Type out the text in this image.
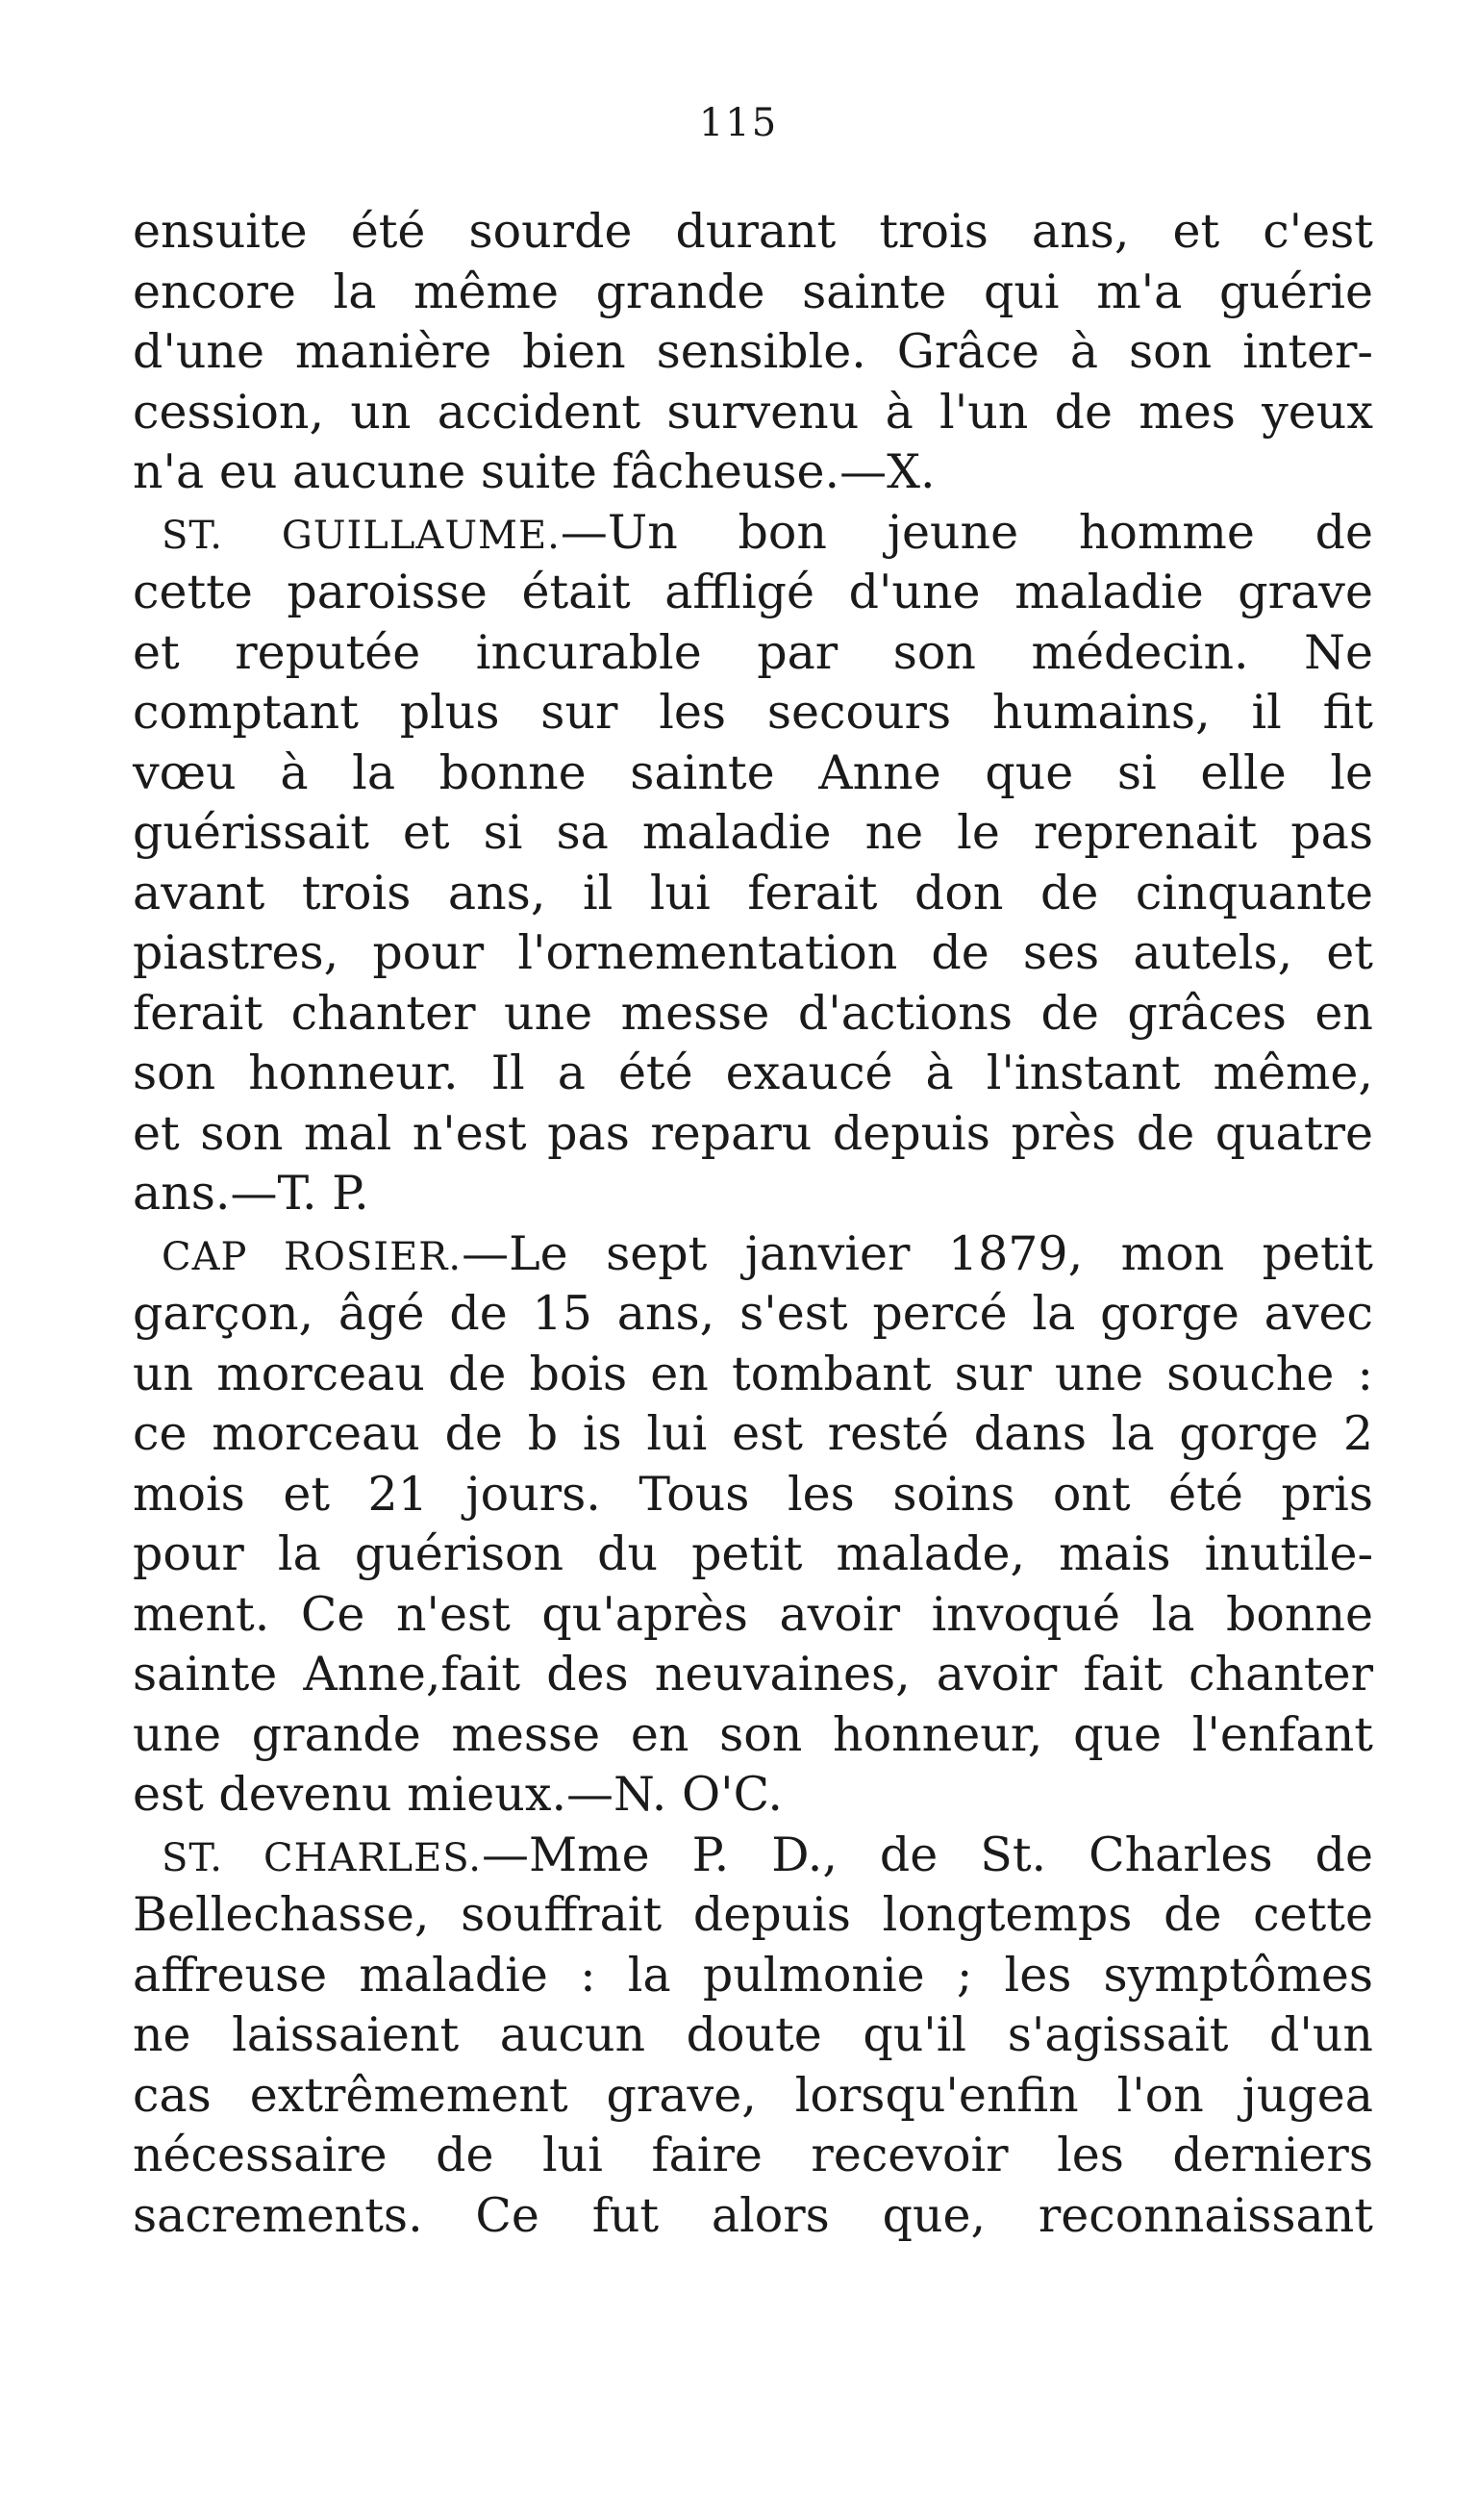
115
ensuite été sourde durant trois ans, et c'est
encore la même grande sainte qui m'a guérie
d'une manière bien sensible. Grâce à son inter-
cession, un accident survenu à l'un de mes yeux
n'a eu aucune suite fâcheuse.—X.
ST. GUILLAUME.—Un bon jeune homme de
cette paroisse était affligé d'une maladie grave
et reputée incurable par son médecin. Ne
comptant plus sur les secours humains, il fit
vœu à la bonne sainte Anne que si elle le
guérissait et si sa maladie ne le reprenait pas
avant trois ans, il lui ferait don de cinquante
piastres, pour l'ornementation de ses autels, et
ferait chanter une messe d'actions de grâces en
son honneur. Il a été exaucé à l'instant même,
et son mal n'est pas reparu depuis près de quatre
ans.—T. P.
CAP ROSIER.—Le sept janvier 1879, mon petit
garçon, âgé de 15 ans, s'est percé la gorge avec
un morceau de bois en tombant sur une souche :
ce morceau de b is lui est resté dans la gorge 2
mois et 21 jours. Tous les soins ont été pris
pour la guérison du petit malade, mais inutile-
ment. Ce n'est qu'après avoir invoqué la bonne
sainte Anne,fait des neuvaines, avoir fait chanter
une grande messe en son honneur, que l'enfant
est devenu mieux.—N. O'C.
ST. CHARLES.—Mme P. D., de St. Charles de
Bellechasse, souffrait depuis longtemps de cette
affreuse maladie : la pulmonie ; les symptômes
ne laissaient aucun doute qu'il s'agissait d'un
cas extrêmement grave, lorsqu'enfin l'on jugea
nécessaire de lui faire recevoir les derniers
sacrements. Ce fut alors que, reconnaissant
